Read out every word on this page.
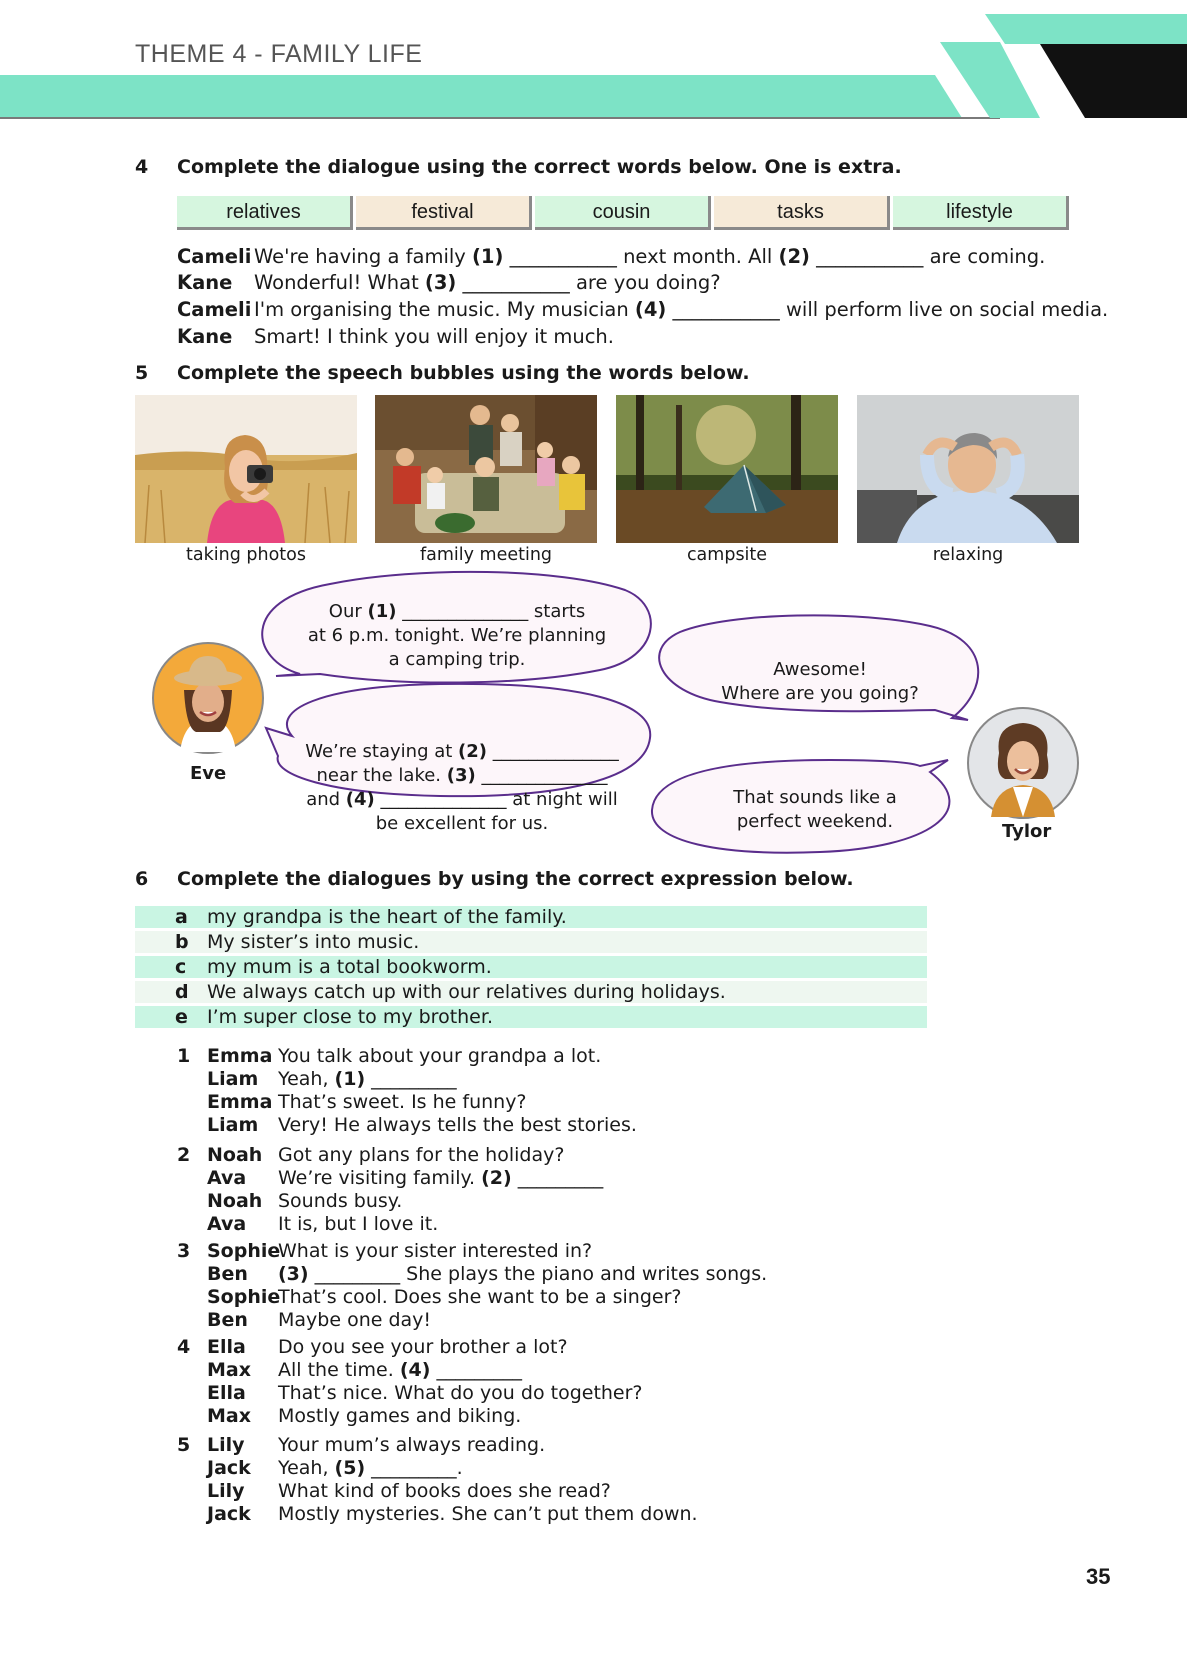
THEME 4 - FAMILY LIFE
4 Complete the dialogue using the correct words below. One is extra.
relatives	festival	cousin	tasks	lifestyle
Cameli We're having a family (1) ___________ next month. All (2) ___________ are coming.
Kane Wonderful! What (3) ___________ are you doing?
Cameli I'm organising the music. My musician (4) ___________ will perform live on social media.
Kane Smart! I think you will enjoy it much.
5 Complete the speech bubbles using the words below.
taking photos	family meeting	campsite	relaxing
Our (1) ______________ starts
at 6 p.m. tonight. We’re planning
a camping trip.	Awesome!
Where are you going?
We’re staying at (2) ______________
near the lake. (3) ______________
and (4) ______________ at night will
be excellent for us.
That sounds like a
perfect weekend.
Eve
Tylor
6 Complete the dialogues by using the correct expression below.
a my grandpa is the heart of the family.
b My sister’s into music.
c my mum is a total bookworm.
d We always catch up with our relatives during holidays.
e I’m super close to my brother.
1 Emma You talk about your grandpa a lot.
Liam Yeah, (1) _________
Emma That’s sweet. Is he funny?
Liam Very! He always tells the best stories.
2 Noah Got any plans for the holiday?
Ava We’re visiting family. (2) _________
Noah Sounds busy.
Ava It is, but I love it.
3 Sophie
What is your sister interested in?
Ben (3) _________ She plays the piano and writes songs.
Sophie
That’s cool. Does she want to be a singer?
Ben Maybe one day!
4 Ella Do you see your brother a lot?
Max All the time. (4) _________
Ella That’s nice. What do you do together?
Max Mostly games and biking.
5 Lily Your mum’s always reading.
Jack Yeah, (5) _________.
Lily What kind of books does she read?
Jack Mostly mysteries. She can’t put them down.
35
